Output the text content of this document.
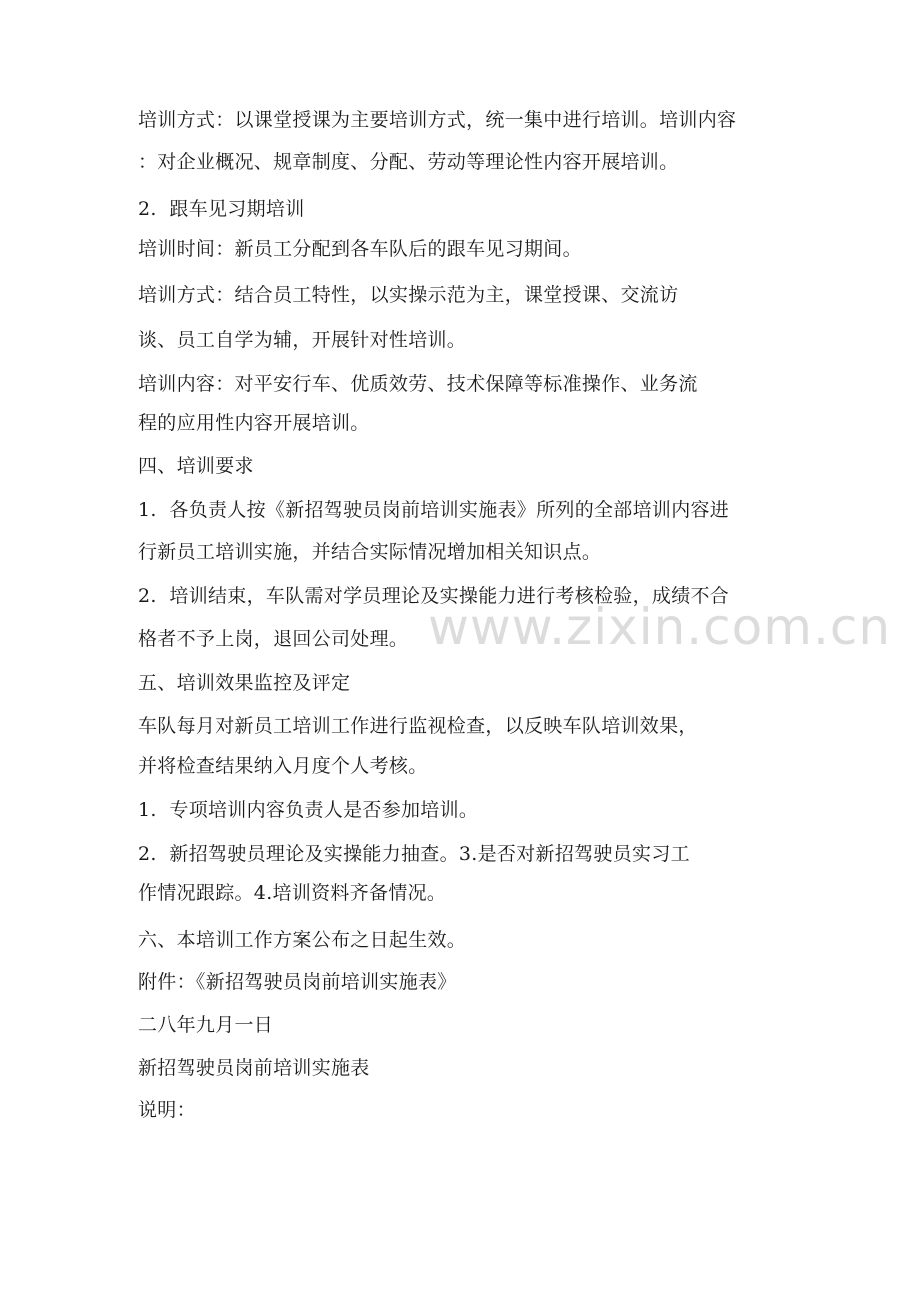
www.zixin.com.cn
培训方式：以课堂授课为主要培训方式，统一集中进行培训。培训内容
：对企业概况、规章制度、分配、劳动等理论性内容开展培训。
2.  跟车见习期培训
培训时间：新员工分配到各车队后的跟车见习期间。
培训方式：结合员工特性，以实操示范为主，课堂授课、交流访
谈、员工自学为辅，开展针对性培训。
培训内容：对平安行车、优质效劳、技术保障等标准操作、业务流
程的应用性内容开展培训。
四、培训要求
1.  各负责人按《新招驾驶员岗前培训实施表》所列的全部培训内容进
行新员工培训实施，并结合实际情况增加相关知识点。
2.  培训结束，车队需对学员理论及实操能力进行考核检验，成绩不合
格者不予上岗，退回公司处理。
五、培训效果监控及评定
车队每月对新员工培训工作进行监视检查，以反映车队培训效果，
并将检查结果纳入月度个人考核。
1.  专项培训内容负责人是否参加培训。
2.  新招驾驶员理论及实操能力抽查。3.是否对新招驾驶员实习工
作情况跟踪。4.培训资料齐备情况。
六、本培训工作方案公布之日起生效。
附件：《新招驾驶员岗前培训实施表》
二八年九月一日
新招驾驶员岗前培训实施表
说明：
